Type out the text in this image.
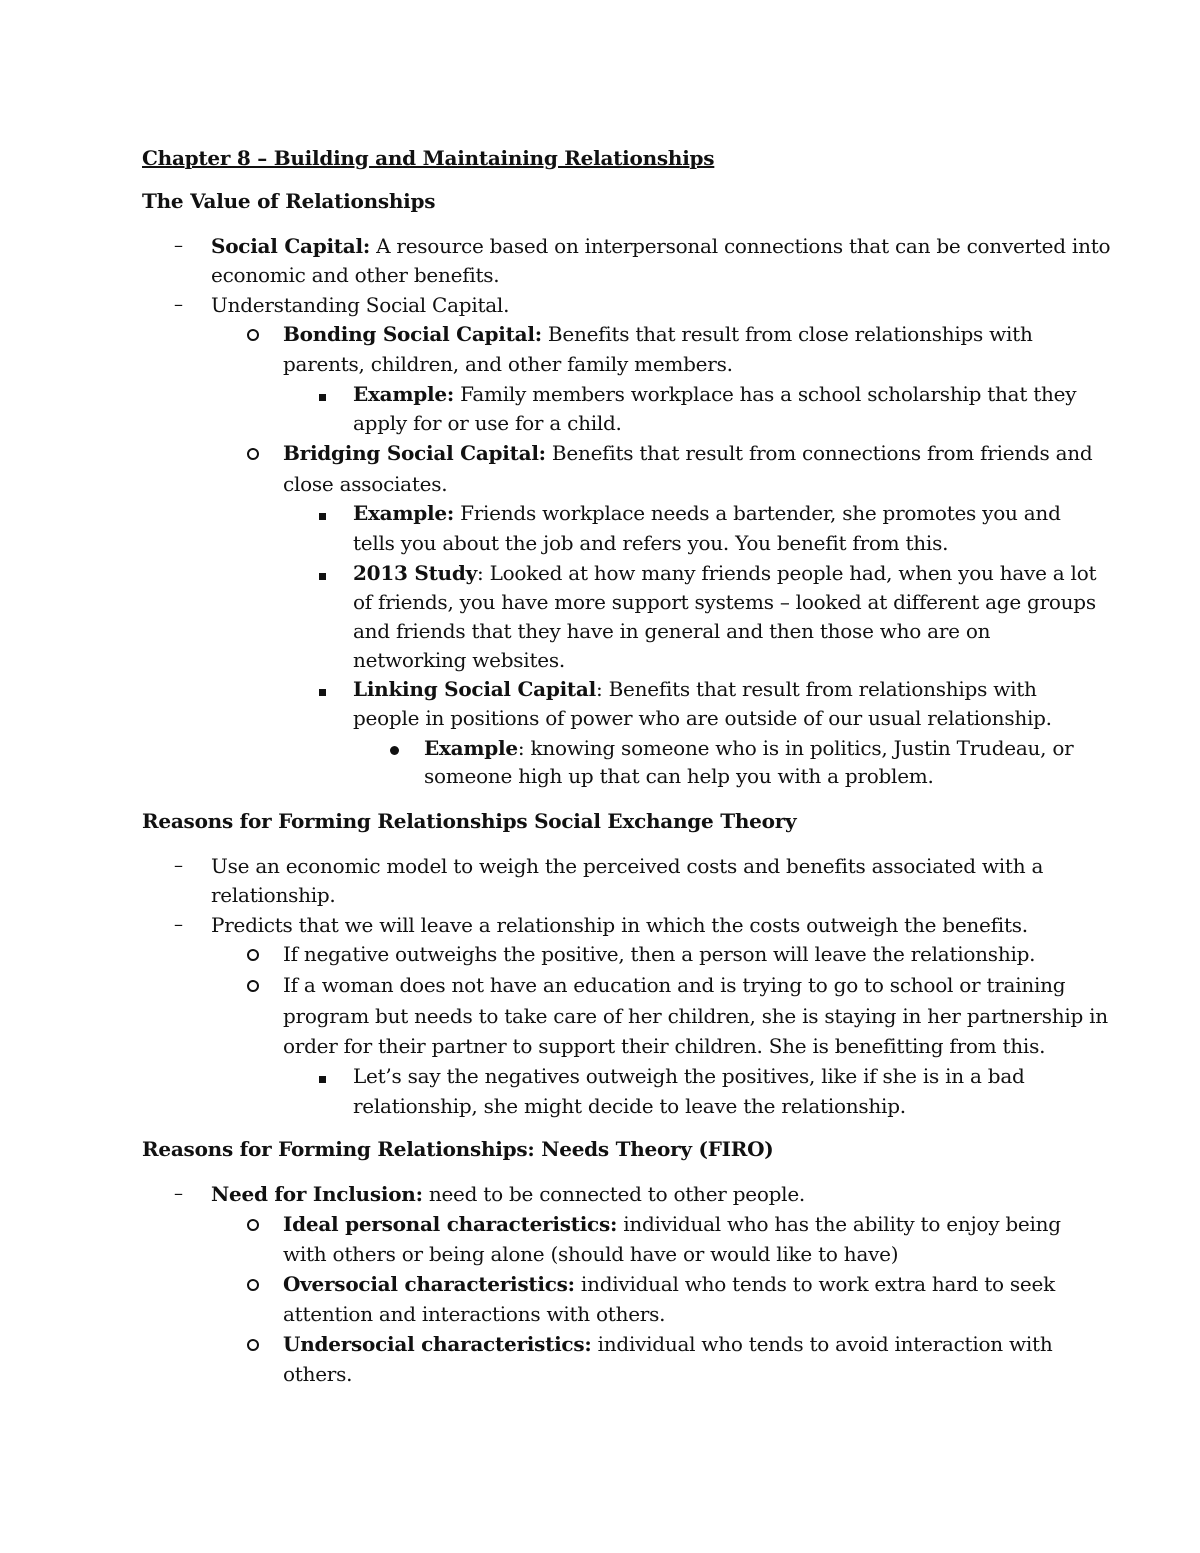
Chapter 8 – Building and Maintaining Relationships
The Value of Relationships
– Social Capital: A resource based on interpersonal connections that can be converted into
economic and other benefits.
– Understanding Social Capital.
Bonding Social Capital: Benefits that result from close relationships with
parents, children, and other family members.
Example: Family members workplace has a school scholarship that they
apply for or use for a child.
Bridging Social Capital: Benefits that result from connections from friends and
close associates.
Example: Friends workplace needs a bartender, she promotes you and
tells you about the job and refers you. You benefit from this.
2013 Study: Looked at how many friends people had, when you have a lot
of friends, you have more support systems – looked at different age groups
and friends that they have in general and then those who are on
networking websites.
Linking Social Capital: Benefits that result from relationships with
people in positions of power who are outside of our usual relationship.
Example: knowing someone who is in politics, Justin Trudeau, or
someone high up that can help you with a problem.
Reasons for Forming Relationships Social Exchange Theory
– Use an economic model to weigh the perceived costs and benefits associated with a
relationship.
– Predicts that we will leave a relationship in which the costs outweigh the benefits.
If negative outweighs the positive, then a person will leave the relationship.
If a woman does not have an education and is trying to go to school or training
program but needs to take care of her children, she is staying in her partnership in
order for their partner to support their children. She is benefitting from this.
Let’s say the negatives outweigh the positives, like if she is in a bad
relationship, she might decide to leave the relationship.
Reasons for Forming Relationships: Needs Theory (FIRO)
– Need for Inclusion: need to be connected to other people.
Ideal personal characteristics: individual who has the ability to enjoy being
with others or being alone (should have or would like to have)
Oversocial characteristics: individual who tends to work extra hard to seek
attention and interactions with others.
Undersocial characteristics: individual who tends to avoid interaction with
others.
